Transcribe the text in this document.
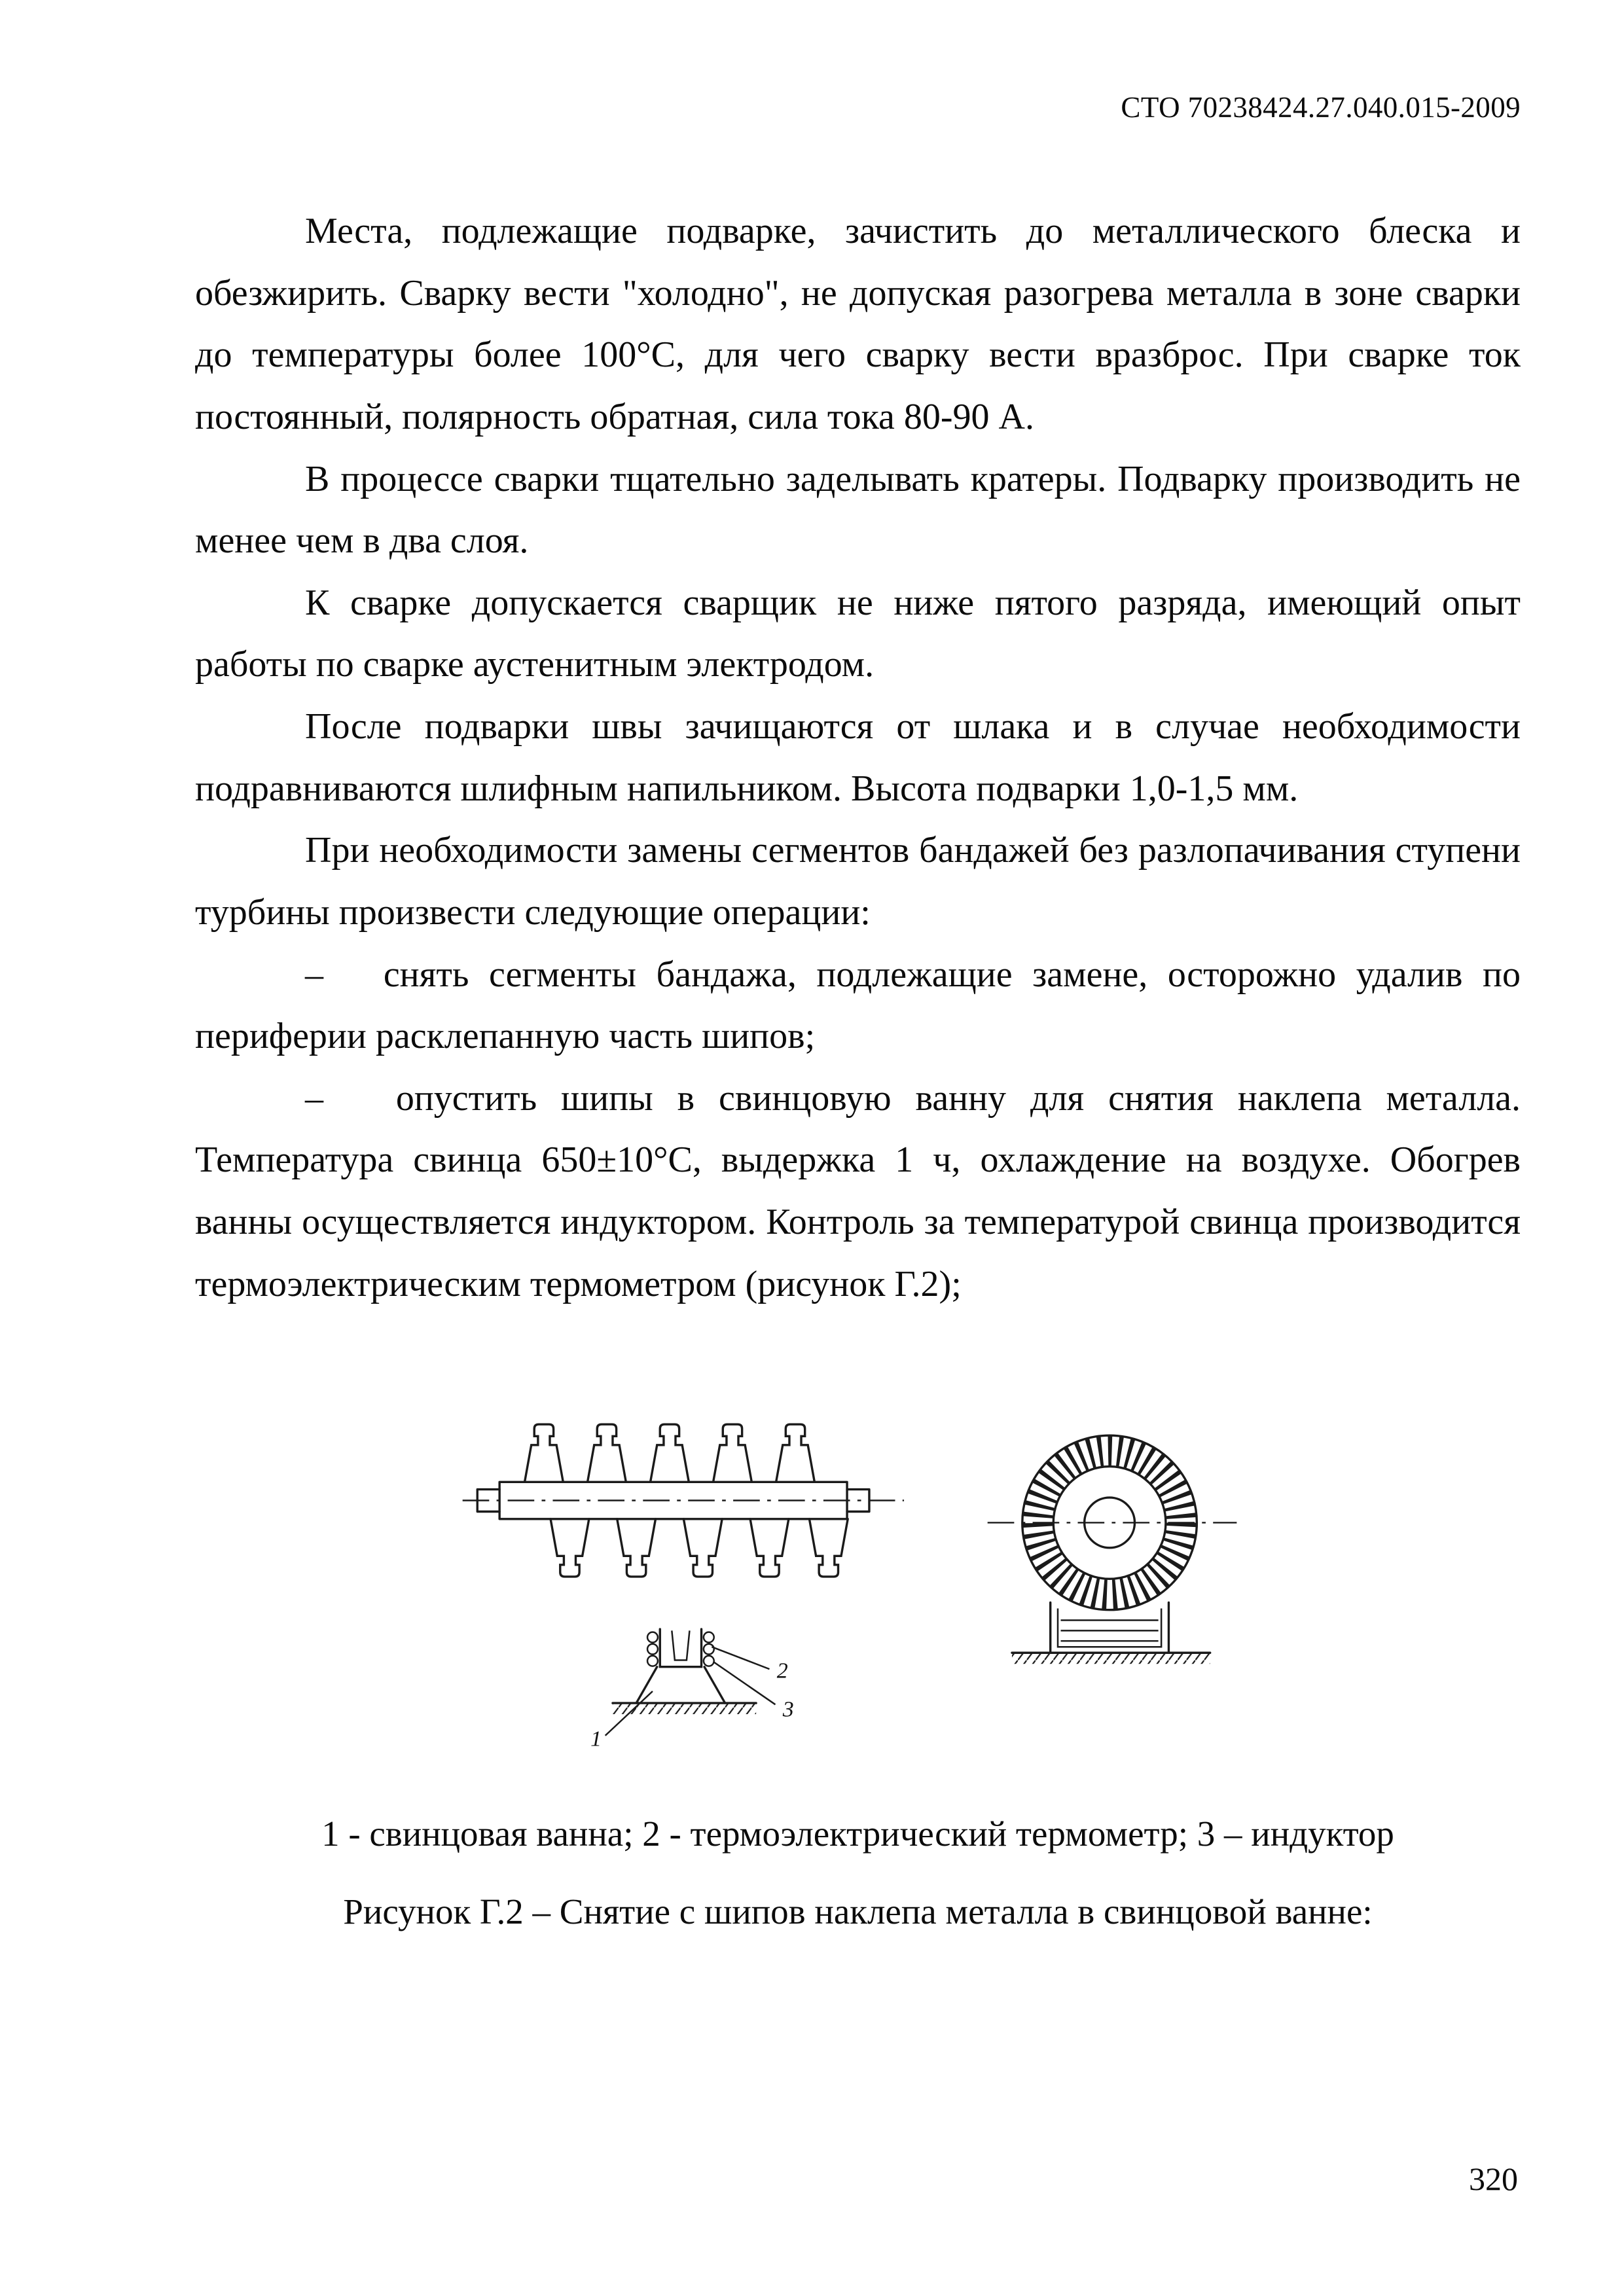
СТО 70238424.27.040.015-2009

Места, подлежащие подварке, зачистить до металлического блеска и обезжирить. Сварку вести "холодно", не допуская разогрева металла в зоне сварки до температуры более 100°С, для чего сварку вести вразброс. При сварке ток постоянный, полярность обратная, сила тока 80-90 А.

В процессе сварки тщательно заделывать кратеры. Подварку производить не менее чем в два слоя.

К сварке допускается сварщик не ниже пятого разряда, имеющий опыт работы по сварке аустенитным электродом.

После подварки швы зачищаются от шлака и в случае необходимости подравниваются шлифным напильником. Высота подварки 1,0-1,5 мм.

При необходимости замены сегментов бандажей без разлопачивания ступени турбины произвести следующие операции:

–   снять сегменты бандажа, подлежащие замене, осторожно удалив по периферии расклепанную часть шипов;

–   опустить шипы в свинцовую ванну для снятия наклепа металла. Температура свинца 650±10°С, выдержка 1 ч, охлаждение на воздухе. Обогрев ванны осуществляется индуктором. Контроль за температурой свинца производится термоэлектрическим термометром (рисунок Г.2);

1
2
3

1 - свинцовая ванна; 2 - термоэлектрический термометр; 3 – индуктор

Рисунок Г.2 – Снятие с шипов наклепа металла в свинцовой ванне:

320
